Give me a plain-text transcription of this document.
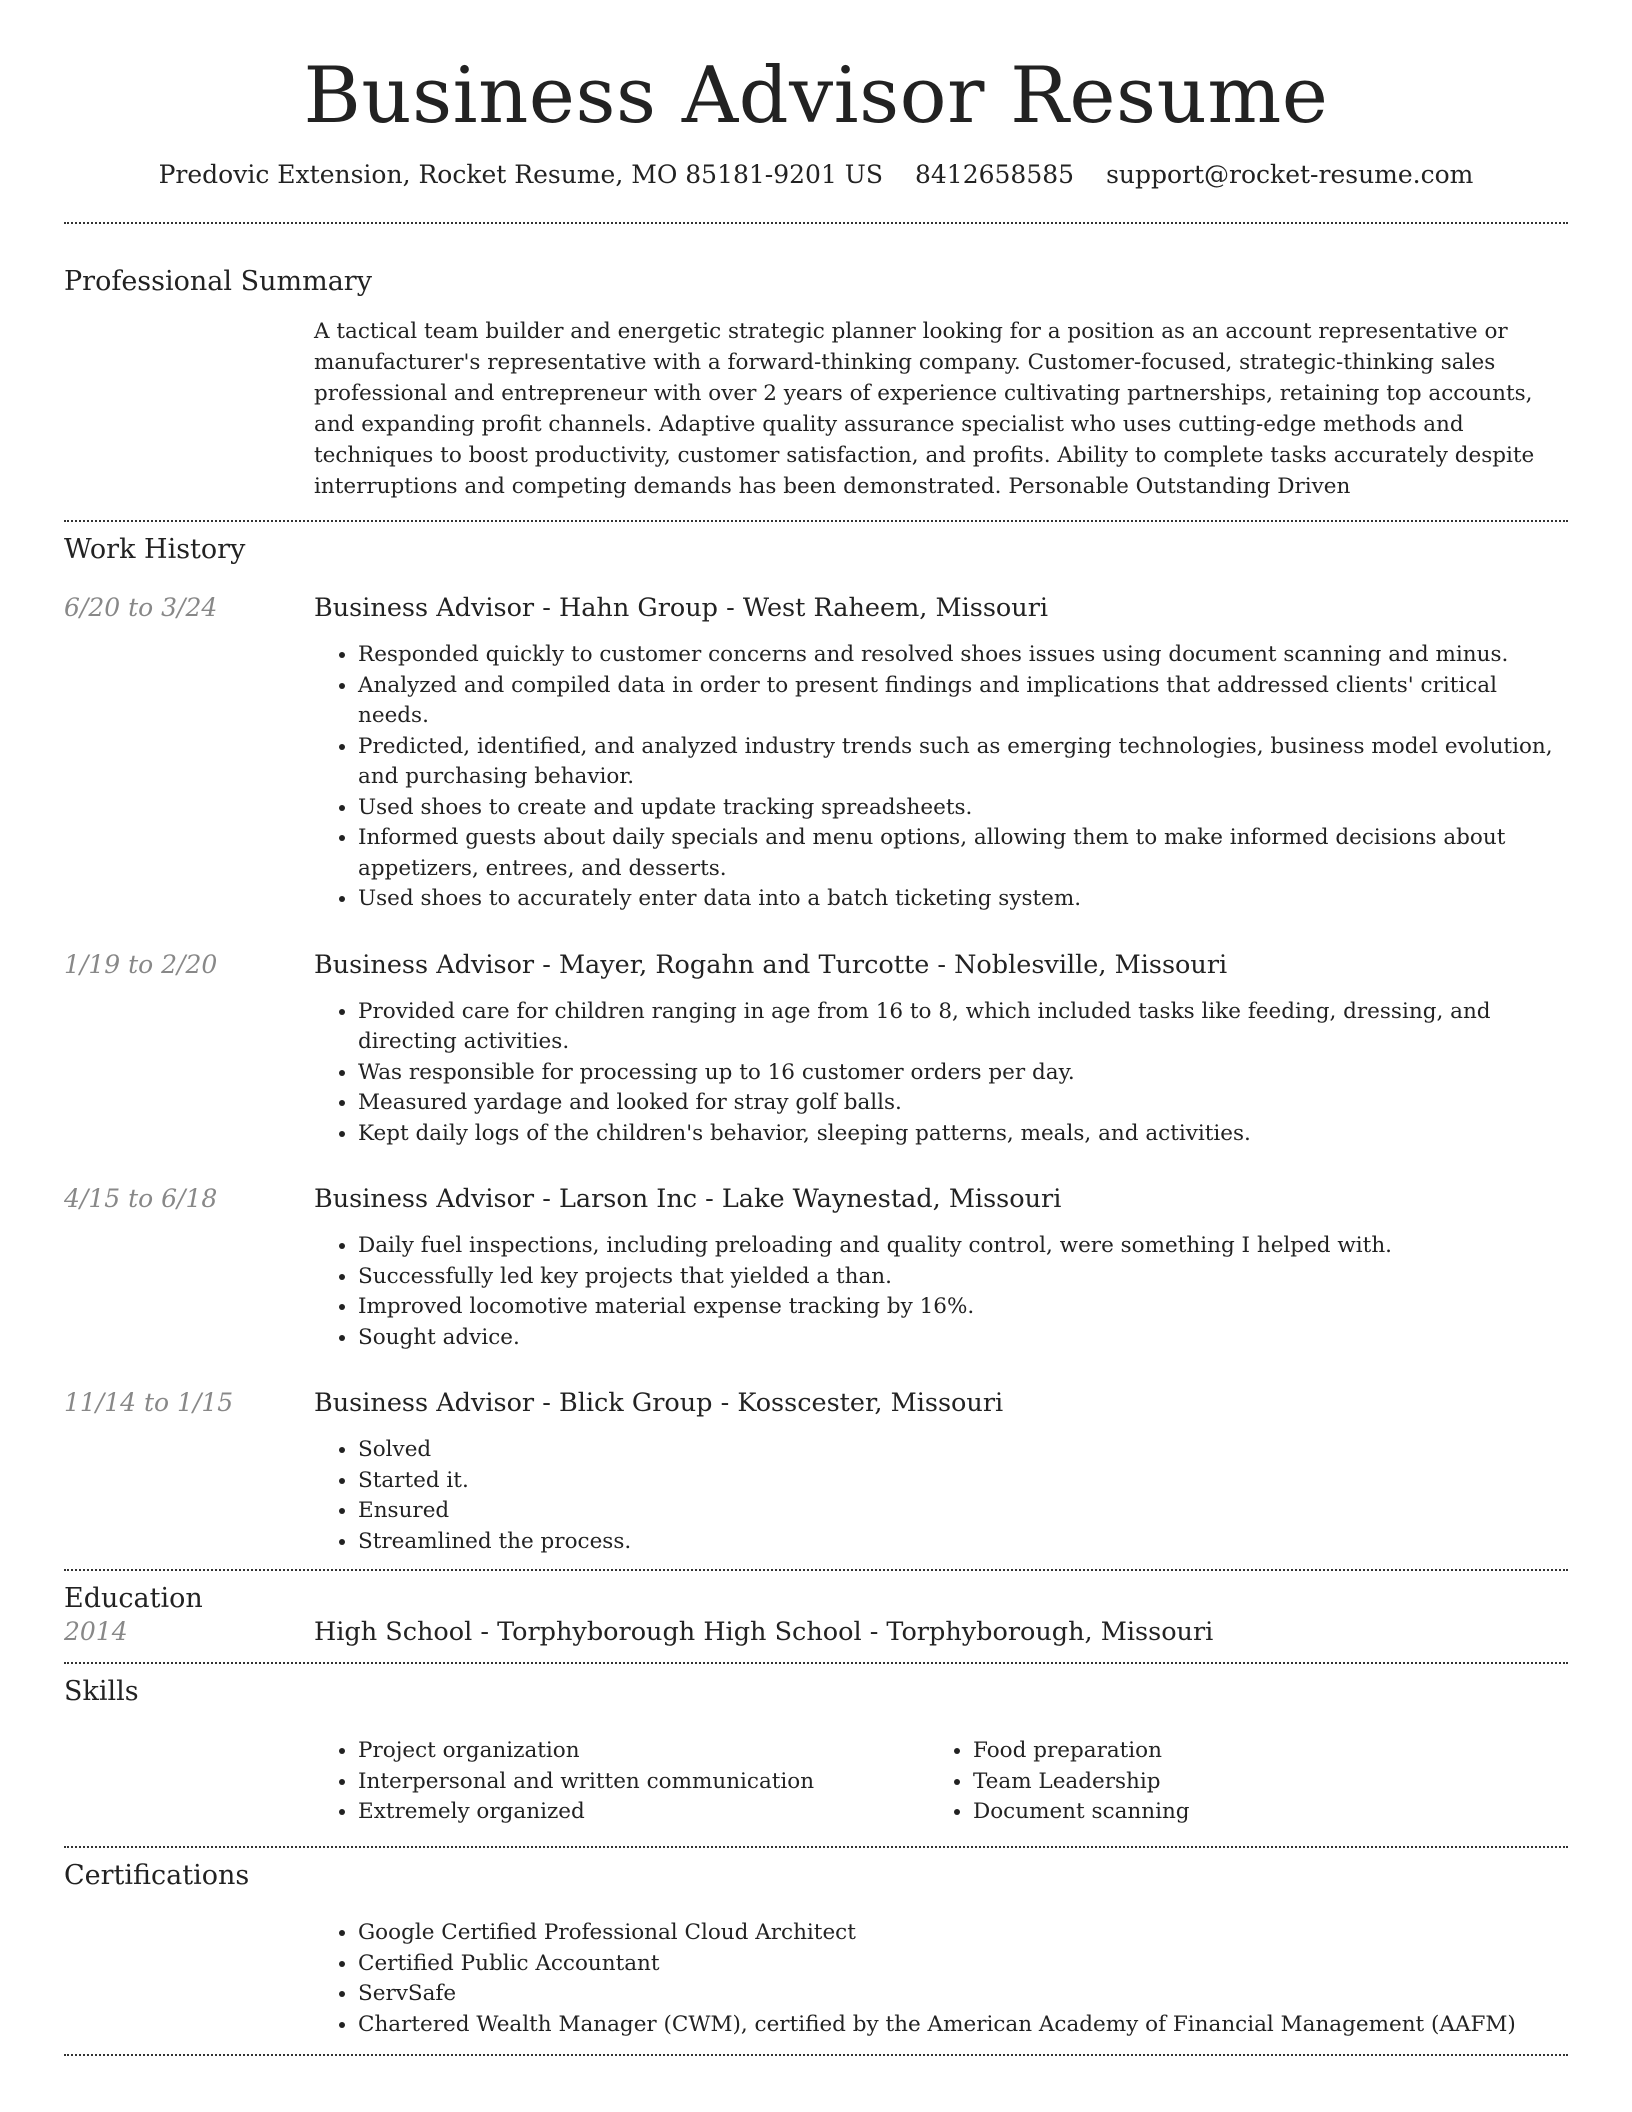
Business Advisor Resume
Predovic Extension, Rocket Resume, MO 85181-9201 US 8412658585 support@rocket-resume.com
Professional Summary

A tactical team builder and energetic strategic planner looking for a position as an account representative or manufacturer's representative with a forward-thinking company. Customer-focused, strategic-thinking sales professional and entrepreneur with over 2 years of experience cultivating partnerships, retaining top accounts, and expanding profit channels. Adaptive quality assurance specialist who uses cutting-edge methods and techniques to boost productivity, customer satisfaction, and profits. Ability to complete tasks accurately despite interruptions and competing demands has been demonstrated. Personable Outstanding Driven

Work History
6/20 to 3/24	Business Advisor - Hahn Group - West Raheem, Missouri
• Responded quickly to customer concerns and resolved shoes issues using document scanning and minus.
• Analyzed and compiled data in order to present findings and implications that addressed clients' critical needs.
• Predicted, identified, and analyzed industry trends such as emerging technologies, business model evolution, and purchasing behavior.
• Used shoes to create and update tracking spreadsheets.
• Informed guests about daily specials and menu options, allowing them to make informed decisions about appetizers, entrees, and desserts.
• Used shoes to accurately enter data into a batch ticketing system.
1/19 to 2/20	Business Advisor - Mayer, Rogahn and Turcotte - Noblesville, Missouri
• Provided care for children ranging in age from 16 to 8, which included tasks like feeding, dressing, and directing activities.
• Was responsible for processing up to 16 customer orders per day.
• Measured yardage and looked for stray golf balls.
• Kept daily logs of the children's behavior, sleeping patterns, meals, and activities.
4/15 to 6/18	Business Advisor - Larson Inc - Lake Waynestad, Missouri
• Daily fuel inspections, including preloading and quality control, were something I helped with.
• Successfully led key projects that yielded a than.
• Improved locomotive material expense tracking by 16%.
• Sought advice.
11/14 to 1/15	Business Advisor - Blick Group - Kosscester, Missouri
• Solved
• Started it.
• Ensured
• Streamlined the process.
Education
2014	High School - Torphyborough High School - Torphyborough, Missouri
Skills
• Project organization
• Interpersonal and written communication
• Extremely organized
• Food preparation
• Team Leadership
• Document scanning
Certifications
• Google Certified Professional Cloud Architect
• Certified Public Accountant
• ServSafe
• Chartered Wealth Manager (CWM), certified by the American Academy of Financial Management (AAFM)
